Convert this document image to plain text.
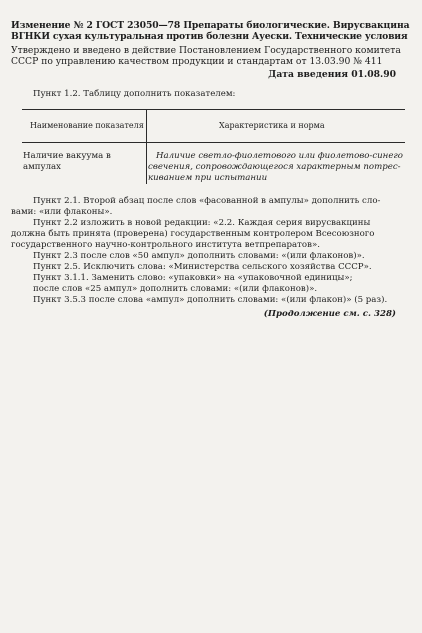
Изменение № 2 ГОСТ 23050—78 Препараты биологические. Вирусвакцина
ВГНКИ сухая культуральная против болезни Ауески. Технические условия
Утверждено и введено в действие Постановлением Государственного комитета
СССР по управлению качеством продукции и стандартам от 13.03.90 № 411
Дата введения 01.08.90
Пункт 1.2. Таблицу дополнить показателем:
Наименование показателя	Характеристика и норма
Наличие вакуума в
ампулах
Наличие светло-фиолетового или фиолетово-синего
свечения, сопровождающегося характерным потрес-
киванием при испытании
Пункт 2.1. Второй абзац после слов «фасованной в ампулы» дополнить сло-
вами: «или флаконы».
Пункт 2.2 изложить в новой редакции: «2.2. Каждая серия вирусвакцины
должна быть принята (проверена) государственным контролером Всесоюзного
государственного научно-контрольного института ветпрепаратов».
Пункт 2.3 после слов «50 ампул» дополнить словами: «(или флаконов)».
Пункт 2.5. Исключить слова: «Министерства сельского хозяйства СССР».
Пункт 3.1.1. Заменить слово: «упаковки» на «упаковочной единицы»;
после слов «25 ампул» дополнить словами: «(или флаконов)».
Пункт 3.5.3 после слова «ампул» дополнить словами: «(или флакон)» (5 раз).
(Продолжение см. с. 328)
